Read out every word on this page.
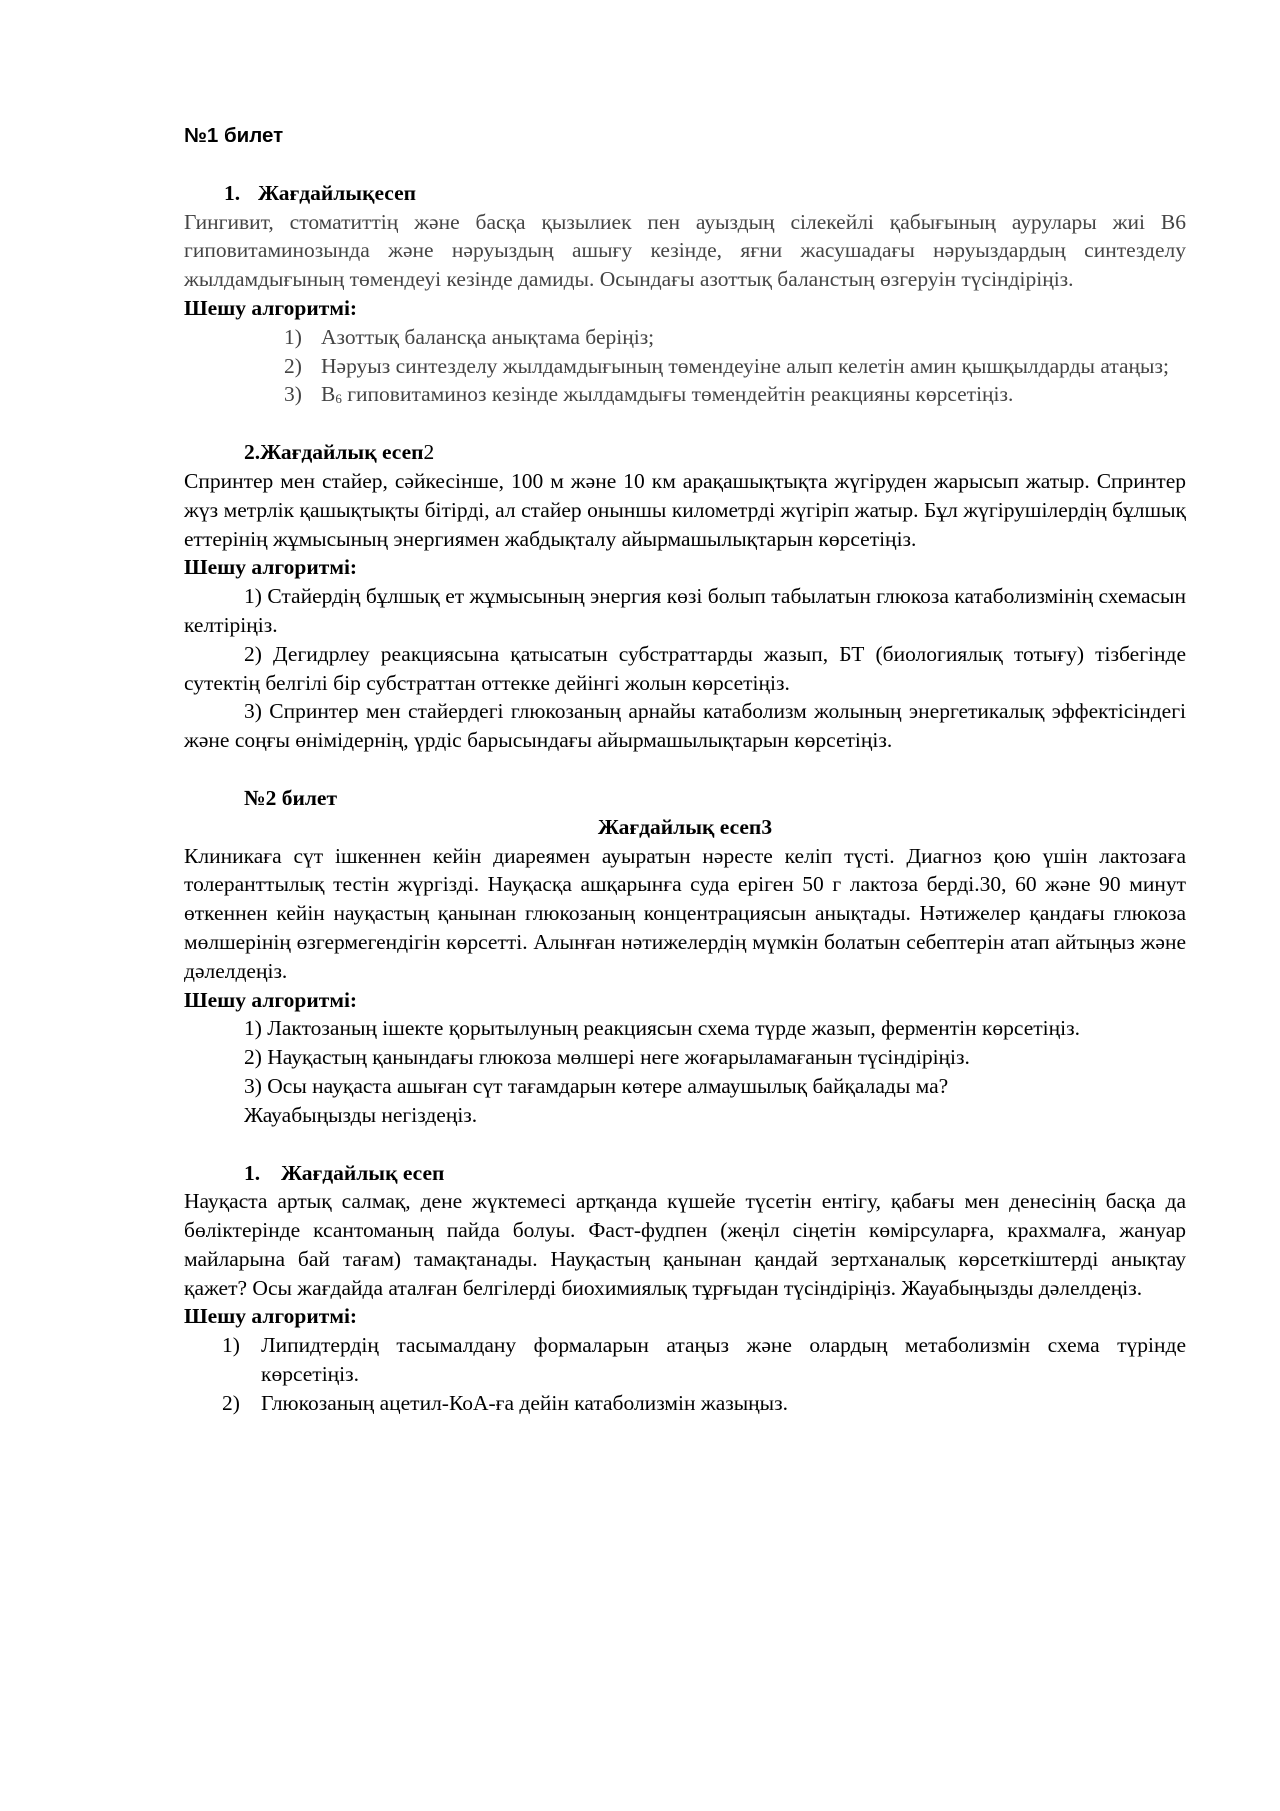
№1 билет

1. Жағдайлықесеп

Гингивит, стоматиттің және басқа қызылиек пен ауыздың сілекейлі қабығының аурулары жиі В6 гиповитаминозында және нәруыздың ашығу кезінде, яғни жасушадағы нәруыздардың синтезделу жылдамдығының төмендеуі кезінде дамиды. Осындағы азоттық баланстың өзгеруін түсіндіріңіз.

Шешу алгоритмі:

1) Азоттық балансқа анықтама беріңіз;
2) Нәруыз синтезделу жылдамдығының төмендеуіне алып келетін амин қышқылдарды атаңыз;
3) $В_6$ гиповитаминоз кезінде жылдамдығы төмендейтін реакцияны көрсетіңіз.

2.Жағдайлық есеп2

Спринтер мен стайер, сәйкесінше, 100 м және 10 км арақашықтықта жүгіруден жарысып жатыр. Спринтер жүз метрлік қашықтықты бітірді, ал стайер оныншы километрді жүгіріп жатыр. Бұл жүгірушілердің бұлшық еттерінің жұмысының энергиямен жабдықталу айырмашылықтарын көрсетіңіз.

Шешу алгоритмі:

1) Стайердің бұлшық ет жұмысының энергия көзі болып табылатын глюкоза катаболизмінің схемасын келтіріңіз.

2) Дегидрлеу реакциясына қатысатын субстраттарды жазып, БТ (биологиялық тотығу) тізбегінде сутектің белгілі бір субстраттан оттекке дейінгі жолын көрсетіңіз.

3) Спринтер мен стайердегі глюкозаның арнайы катаболизм жолының энергетикалық эффектісіндегі және соңғы өнімідернің, үрдіс барысындағы айырмашылықтарын көрсетіңіз.

№2 билет

Жағдайлық есеп3

Клиникаға сүт ішкеннен кейін диареямен ауыратын нәресте келіп түсті. Диагноз қою үшін лактозаға толеранттылық тестін жүргізді. Науқасқа ашқарынға суда еріген 50 г лактоза берді.30, 60 және 90 минут өткеннен кейін науқастың қанынан глюкозаның концентрациясын анықтады. Нәтижелер қандағы глюкоза мөлшерінің өзгермегендігін көрсетті. Алынған нәтижелердің мүмкін болатын себептерін атап айтыңыз және дәлелдеңіз.

Шешу алгоритмі:

1) Лактозаның ішекте қорытылуның реакциясын схема түрде жазып, ферментін көрсетіңіз.

2) Науқастың қанындағы глюкоза мөлшері неге жоғарыламағанын түсіндіріңіз.

3) Осы науқаста ашыған сүт тағамдарын көтере алмаушылық байқалады ма?

Жауабыңызды негіздеңіз.

1. Жағдайлық есеп

Науқаста артық салмақ, дене жүктемесі артқанда күшейе түсетін ентігу, қабағы мен денесінің басқа да бөліктерінде ксантоманың пайда болуы. Фаст-фудпен (жеңіл сіңетін көмірсуларға, крахмалға, жануар майларына бай тағам) тамақтанады. Науқастың қанынан қандай зертханалық көрсеткіштерді анықтау қажет? Осы жағдайда аталған белгілерді биохимиялық тұрғыдан түсіндіріңіз. Жауабыңызды дәлелдеңіз.

Шешу алгоритмі:

1) Липидтердің тасымалдану формаларын атаңыз және олардың метаболизмін схема түрінде көрсетіңіз.
2) Глюкозаның ацетил-КоА-ға дейін катаболизмін жазыңыз.
